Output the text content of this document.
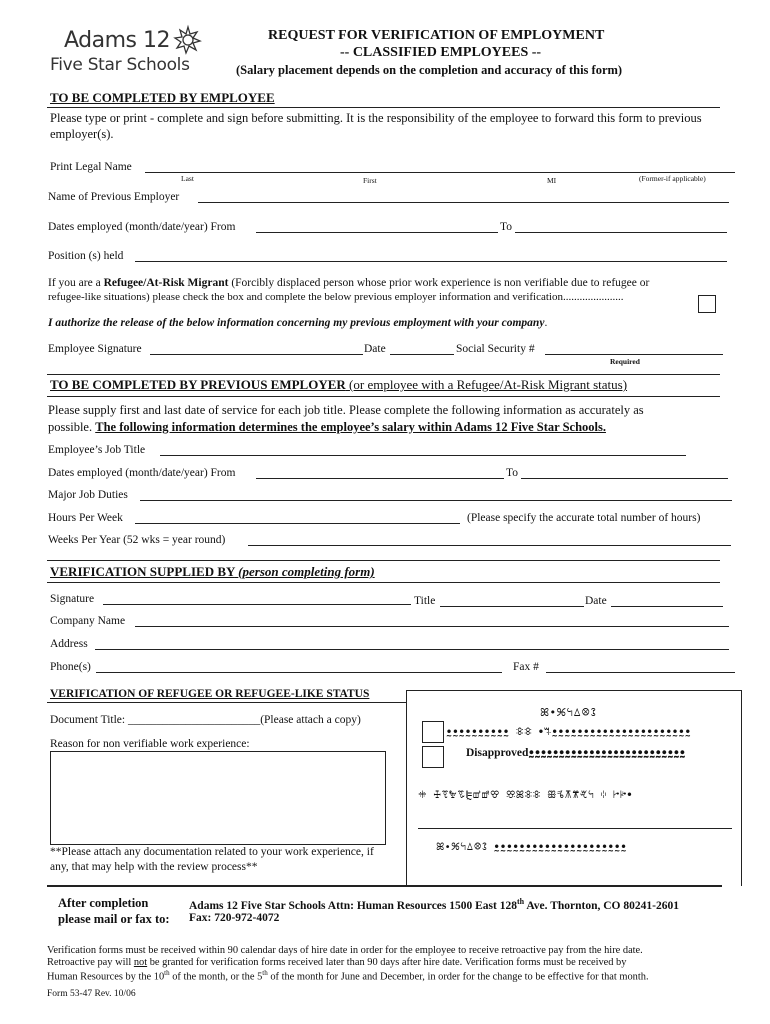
Adams 12
Five Star Schools
REQUEST FOR VERIFICATION OF EMPLOYMENT
-- CLASSIFIED EMPLOYEES --
(Salary placement depends on the completion and accuracy of this form)
TO BE COMPLETED BY EMPLOYEE
Please type or print - complete and sign before submitting. It is the responsibility of the employee to forward this form to previous employer(s).
Print Legal Name
Last	First	MI	(Former-if applicable)
Name of Previous Employer
Dates employed (month/date/year) From	To
Position (s) held
If you are a Refugee/At-Risk Migrant (Forcibly displaced person whose prior work experience is non verifiable due to refugee or
refugee-like situations) please check the box and complete the below previous employer information and verification......................
I authorize the release of the below information concerning my previous employment with your company.
Employee Signature	Date	Social Security #
Required
TO BE COMPLETED BY PREVIOUS EMPLOYER (or employee with a Refugee/At-Risk Migrant status)
Please supply first and last date of service for each job title. Please complete the following information as accurately as
possible. The following information determines the employee’s salary within Adams 12 Five Star Schools.
Employee’s Job Title
Dates employed (month/date/year) From	To
Major Job Duties
Hours Per Week	(Please specify the accurate total number of hours)
Weeks Per Year (52 wks = year round)
VERIFICATION SUPPLIED BY (person completing form)
Signature	Title	Date
Company Name
Address
Phone(s)	Fax #
VERIFICATION OF REFUGEE OR REFUGEE-LIKE STATUS
Document Title: _______________________(Please attach a copy)
Reason for non verifiable work experience:
**Please attach any documentation related to your work experience, if
any, that may help with the review process**
ꕤ•ꕑꕪꕔꕕꕘ
ꔸꔸꔸꔸꔸꔸꔸꔸꔸꔸ ꖊꖊ ꔷꕐꔸꔸꔸꔸꔸꔸꔸꔸꔸꔸꔸꔸꔸꔸꔸꔸꔸꔸꔸꔸꔸꔸ
Disapprovedꔸꔸꔸꔸꔸꔸꔸꔸꔸꔸꔸꔸꔸꔸꔸꔸꔸꔸꔸꔸꔸꔸꔸꔸꔸꔸ
ꔰ ꖅꗦꖠꗧꕟꕠꕡꕢ ꕣꕤꖊꖊ ꕥꕦꕧꕨꕩꕪ ꗺ ꔵꔶꔷ
ꕤ•ꕑꕪꕔꕕꕘ ꔸꔸꔸꔸꔸꔸꔸꔸꔸꔸꔸꔸꔸꔸꔸꔸꔸꔸꔸꔸꔸ
After completion
please mail or fax to:
Adams 12 Five Star Schools Attn: Human Resources 1500 East 128th Ave. Thornton, CO 80241-2601
Fax: 720-972-4072
Verification forms must be received within 90 calendar days of hire date in order for the employee to receive retroactive pay from the hire date.
Retroactive pay will not be granted for verification forms received later than 90 days after hire date. Verification forms must be received by
Human Resources by the 10th of the month, or the 5th of the month for June and December, in order for the change to be effective for that month.
Form 53-47 Rev. 10/06
